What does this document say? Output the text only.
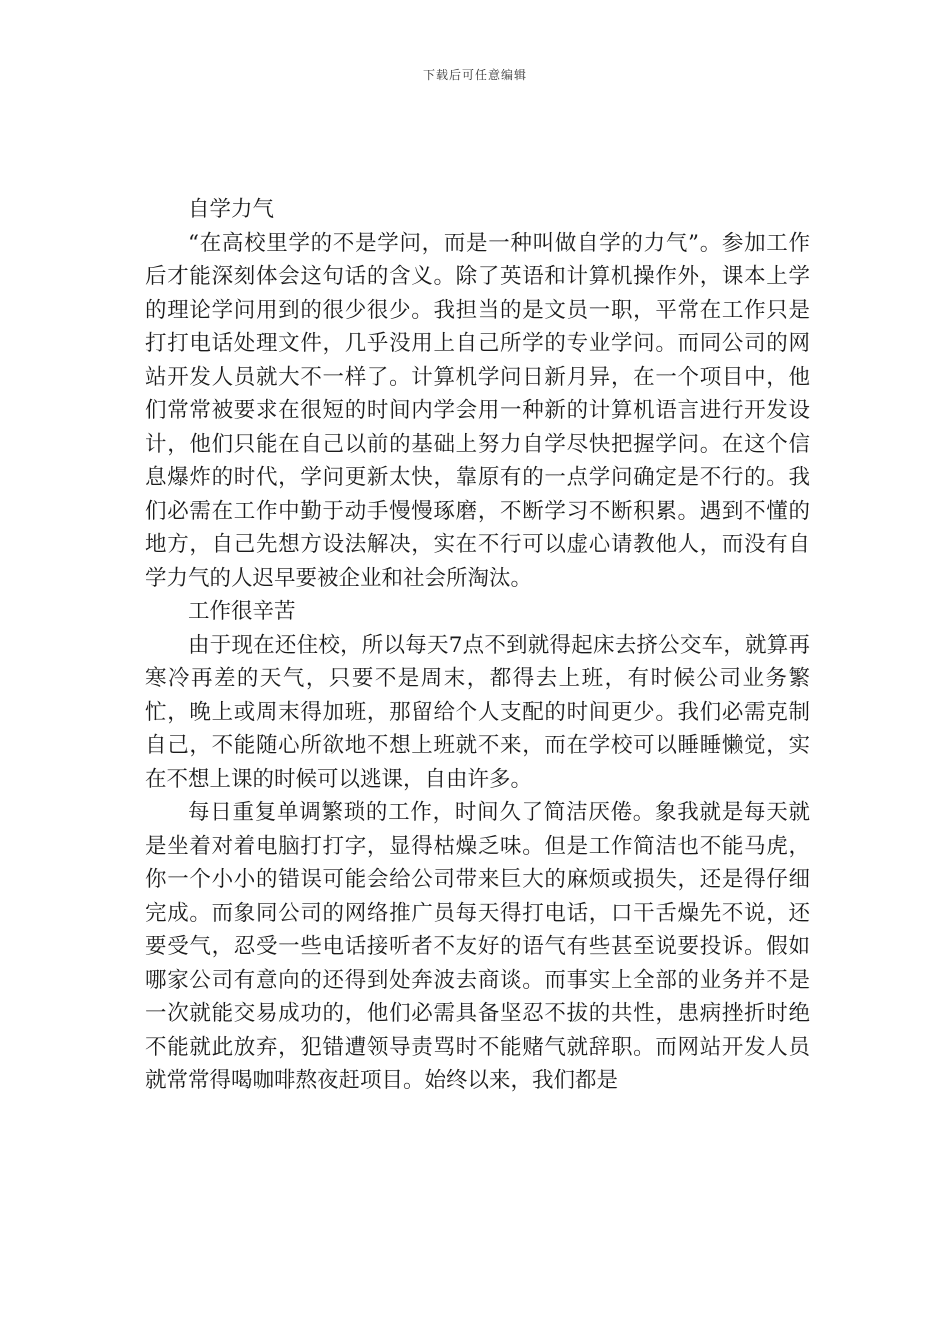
下载后可任意编辑

自学力气

“在高校里学的不是学问，而是一种叫做自学的力气”。参加工作后才能深刻体会这句话的含义。除了英语和计算机操作外，课本上学的理论学问用到的很少很少。我担当的是文员一职，平常在工作只是打打电话处理文件，几乎没用上自己所学的专业学问。而同公司的网站开发人员就大不一样了。计算机学问日新月异，在一个项目中，他们常常被要求在很短的时间内学会用一种新的计算机语言进行开发设计，他们只能在自己以前的基础上努力自学尽快把握学问。在这个信息爆炸的时代，学问更新太快，靠原有的一点学问确定是不行的。我们必需在工作中勤于动手慢慢琢磨，不断学习不断积累。遇到不懂的地方，自己先想方设法解决，实在不行可以虚心请教他人，而没有自学力气的人迟早要被企业和社会所淘汰。

工作很辛苦

由于现在还住校，所以每天7点不到就得起床去挤公交车，就算再寒冷再差的天气，只要不是周末，都得去上班，有时候公司业务繁忙，晚上或周末得加班，那留给个人支配的时间更少。我们必需克制自己，不能随心所欲地不想上班就不来，而在学校可以睡睡懒觉，实在不想上课的时候可以逃课，自由许多。

每日重复单调繁琐的工作，时间久了简洁厌倦。象我就是每天就是坐着对着电脑打打字，显得枯燥乏味。但是工作简洁也不能马虎，你一个小小的错误可能会给公司带来巨大的麻烦或损失，还是得仔细完成。而象同公司的网络推广员每天得打电话，口干舌燥先不说，还要受气，忍受一些电话接听者不友好的语气有些甚至说要投诉。假如哪家公司有意向的还得到处奔波去商谈。而事实上全部的业务并不是一次就能交易成功的，他们必需具备坚忍不拔的共性，患病挫折时绝不能就此放弃，犯错遭领导责骂时不能赌气就辞职。而网站开发人员就常常得喝咖啡熬夜赶项目。始终以来，我们都是
